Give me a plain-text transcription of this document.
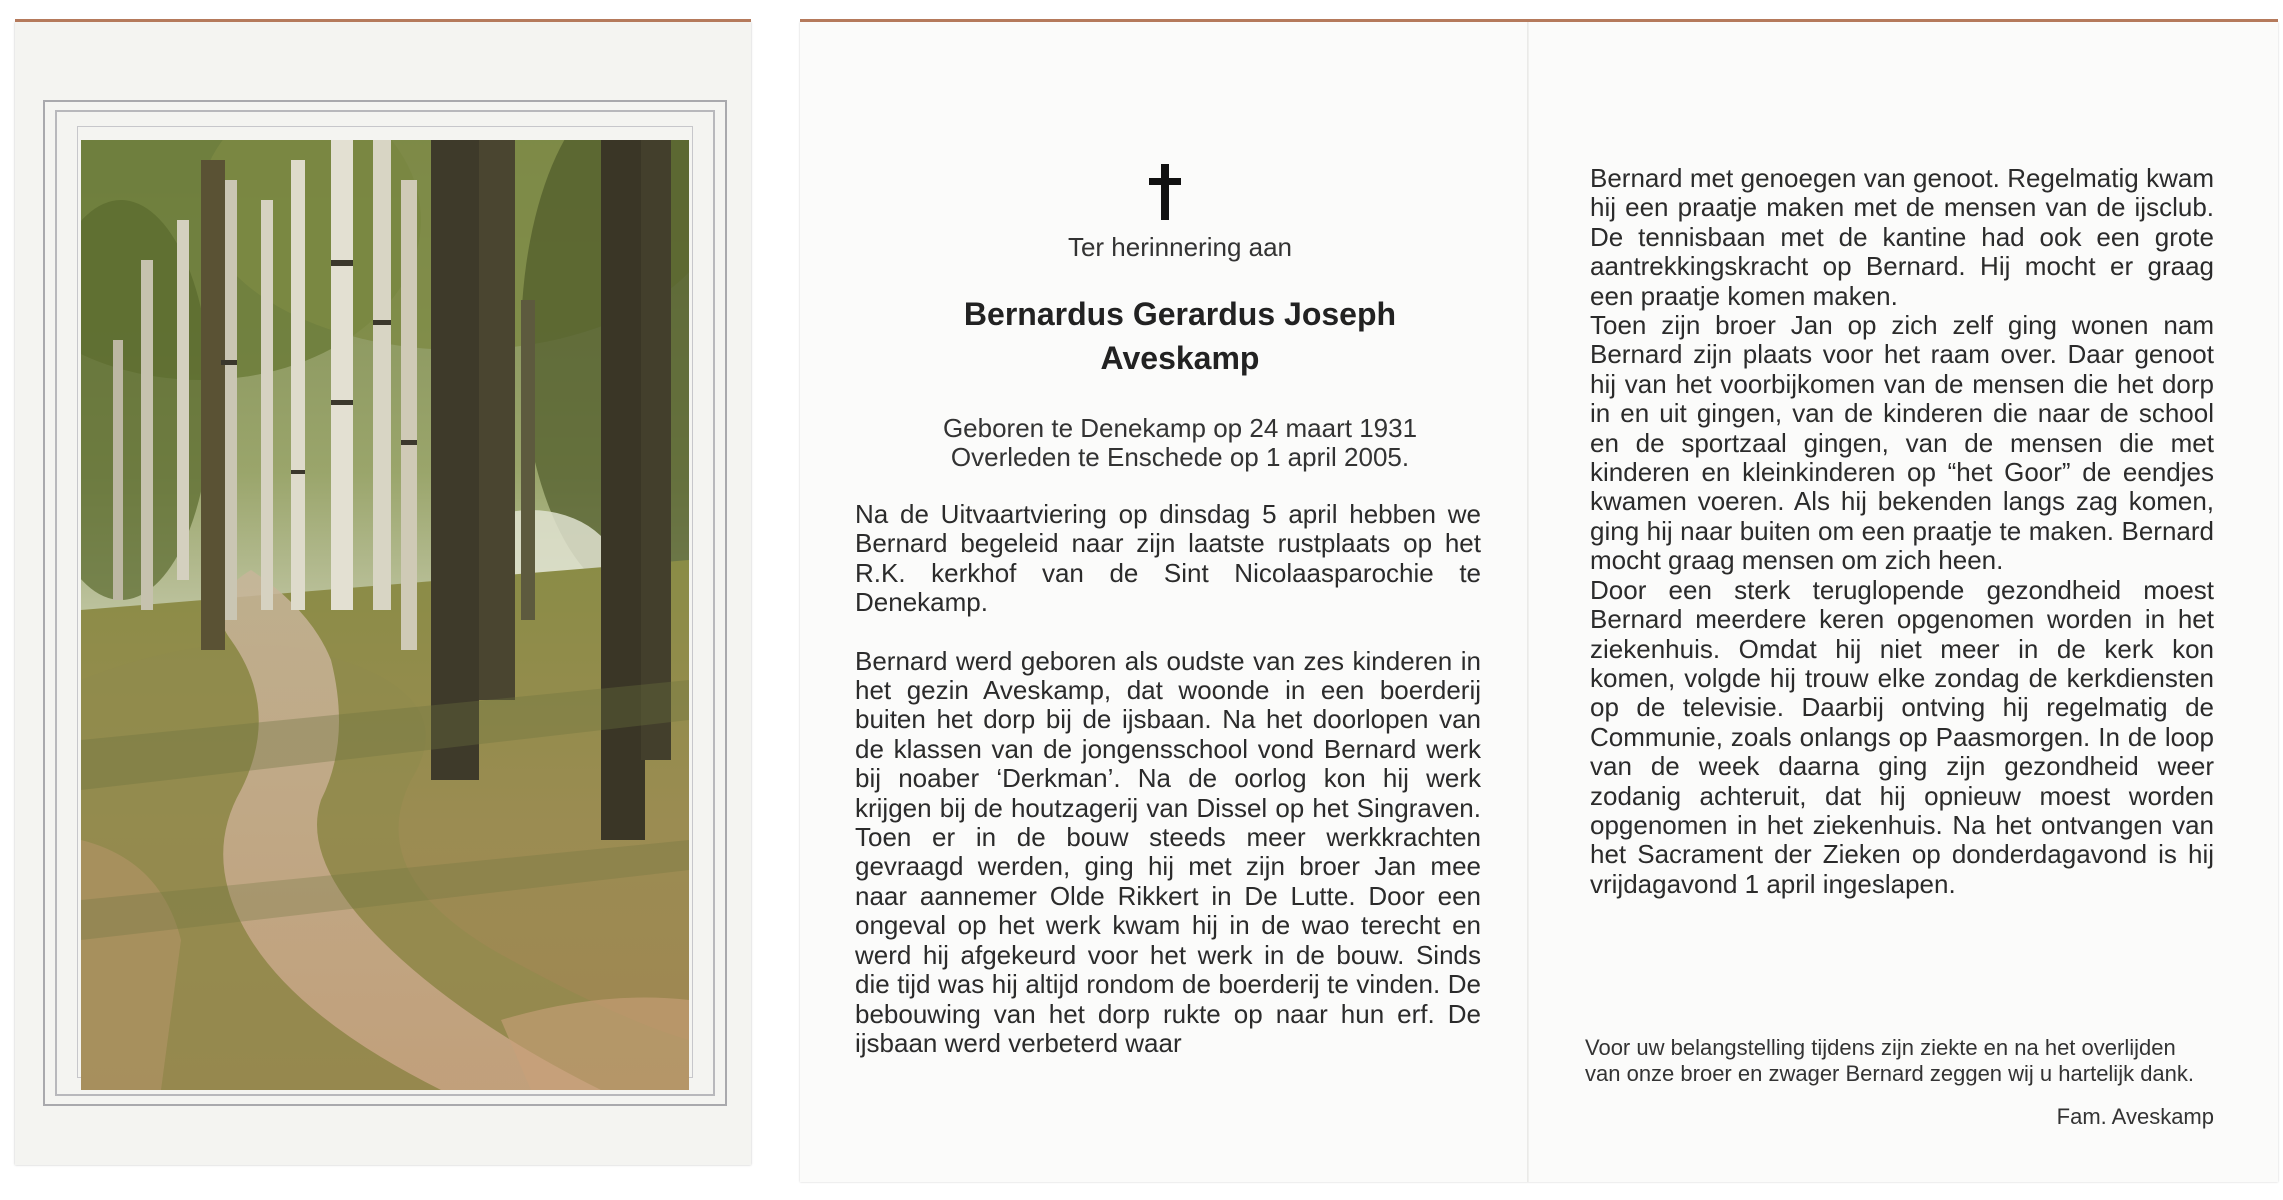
Ter herinnering aan
Bernardus Gerardus Joseph
Aveskamp
Geboren te Denekamp op 24 maart 1931
Overleden te Enschede op 1 april 2005.

Na de Uitvaartviering op dinsdag 5 april hebben we Bernard begeleid naar zijn laatste rustplaats op het R.K. kerkhof van de Sint Nicolaasparochie te Denekamp.

Bernard werd geboren als oudste van zes kinderen in het gezin Aveskamp, dat woonde in een boerderij buiten het dorp bij de ijsbaan. Na het doorlopen van de klassen van de jongensschool vond Bernard werk bij noaber ‘Derkman’. Na de oorlog kon hij werk krijgen bij de houtzagerij van Dissel op het Singraven. Toen er in de bouw steeds meer werkkrachten gevraagd werden, ging hij met zijn broer Jan mee naar aannemer Olde Rikkert in De Lutte. Door een ongeval op het werk kwam hij in de wao terecht en werd hij afgekeurd voor het werk in de bouw. Sinds die tijd was hij altijd rondom de boerderij te vinden. De bebouwing van het dorp rukte op naar hun erf. De ijsbaan werd verbeterd waar

Bernard met genoegen van genoot. Regelmatig kwam hij een praatje maken met de mensen van de ijsclub. De tennisbaan met de kantine had ook een grote aantrekkingskracht op Bernard. Hij mocht er graag een praatje komen maken.

Toen zijn broer Jan op zich zelf ging wonen nam Bernard zijn plaats voor het raam over. Daar genoot hij van het voorbijkomen van de mensen die het dorp in en uit gingen, van de kinderen die naar de school en de sportzaal gingen, van de mensen die met kinderen en kleinkinderen op “het Goor” de eendjes kwamen voeren. Als hij bekenden langs zag komen, ging hij naar buiten om een praatje te maken. Bernard mocht graag mensen om zich heen.

Door een sterk teruglopende gezondheid moest Bernard meerdere keren opgenomen worden in het ziekenhuis. Omdat hij niet meer in de kerk kon komen, volgde hij trouw elke zondag de kerkdiensten op de televisie. Daarbij ontving hij regelmatig de Communie, zoals onlangs op Paasmorgen. In de loop van de week daarna ging zijn gezondheid weer zodanig achteruit, dat hij opnieuw moest worden opgenomen in het ziekenhuis. Na het ontvangen van het Sacrament der Zieken op donderdagavond is hij vrijdagavond 1 april ingeslapen.

Voor uw belangstelling tijdens zijn ziekte en na het overlijden van onze broer en zwager Bernard zeggen wij u hartelijk dank.
Fam. Aveskamp
